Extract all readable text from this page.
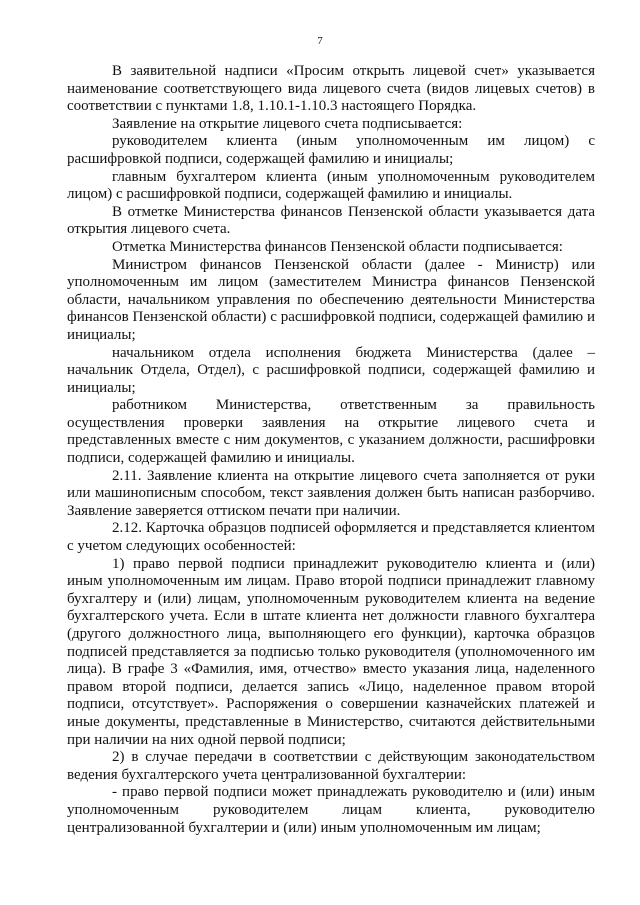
7

В заявительной надписи «Просим открыть лицевой счет» указывается наименование соответствующего вида лицевого счета (видов лицевых счетов) в соответствии с пунктами 1.8, 1.10.1-1.10.3 настоящего Порядка.

Заявление на открытие лицевого счета подписывается:

руководителем клиента (иным уполномоченным им лицом) с расшифровкой подписи, содержащей фамилию и инициалы;

главным бухгалтером клиента (иным уполномоченным руководителем лицом) с расшифровкой подписи, содержащей фамилию и инициалы.

В отметке Министерства финансов Пензенской области указывается дата открытия лицевого счета.

Отметка Министерства финансов Пензенской области подписывается:

Министром финансов Пензенской области (далее - Министр) или уполномоченным им лицом (заместителем Министра финансов Пензенской области, начальником управления по обеспечению деятельности Министерства финансов Пензенской области) с расшифровкой подписи, содержащей фамилию и инициалы;

начальником отдела исполнения бюджета Министерства (далее – начальник Отдела, Отдел), с расшифровкой подписи, содержащей фамилию и инициалы;

работником Министерства, ответственным за правильность осуществления проверки заявления на открытие лицевого счета и представленных вместе с ним документов, с указанием должности, расшифровки подписи, содержащей фамилию и инициалы.

2.11. Заявление клиента на открытие лицевого счета заполняется от руки или машинописным способом, текст заявления должен быть написан разборчиво. Заявление заверяется оттиском печати при наличии.

2.12. Карточка образцов подписей оформляется и представляется клиентом с учетом следующих особенностей:

1) право первой подписи принадлежит руководителю клиента и (или) иным уполномоченным им лицам. Право второй подписи принадлежит главному бухгалтеру и (или) лицам, уполномоченным руководителем клиента на ведение бухгалтерского учета. Если в штате клиента нет должности главного бухгалтера (другого должностного лица, выполняющего его функции), карточка образцов подписей представляется за подписью только руководителя (уполномоченного им лица). В графе 3 «Фамилия, имя, отчество» вместо указания лица, наделенного правом второй подписи, делается запись «Лицо, наделенное правом второй подписи, отсутствует». Распоряжения о совершении казначейских платежей и иные документы, представленные в Министерство, считаются действительными при наличии на них одной первой подписи;

2) в случае передачи в соответствии с действующим законодательством ведения бухгалтерского учета централизованной бухгалтерии:

- право первой подписи может принадлежать руководителю и (или) иным уполномоченным руководителем лицам клиента, руководителю централизованной бухгалтерии и (или) иным уполномоченным им лицам;
